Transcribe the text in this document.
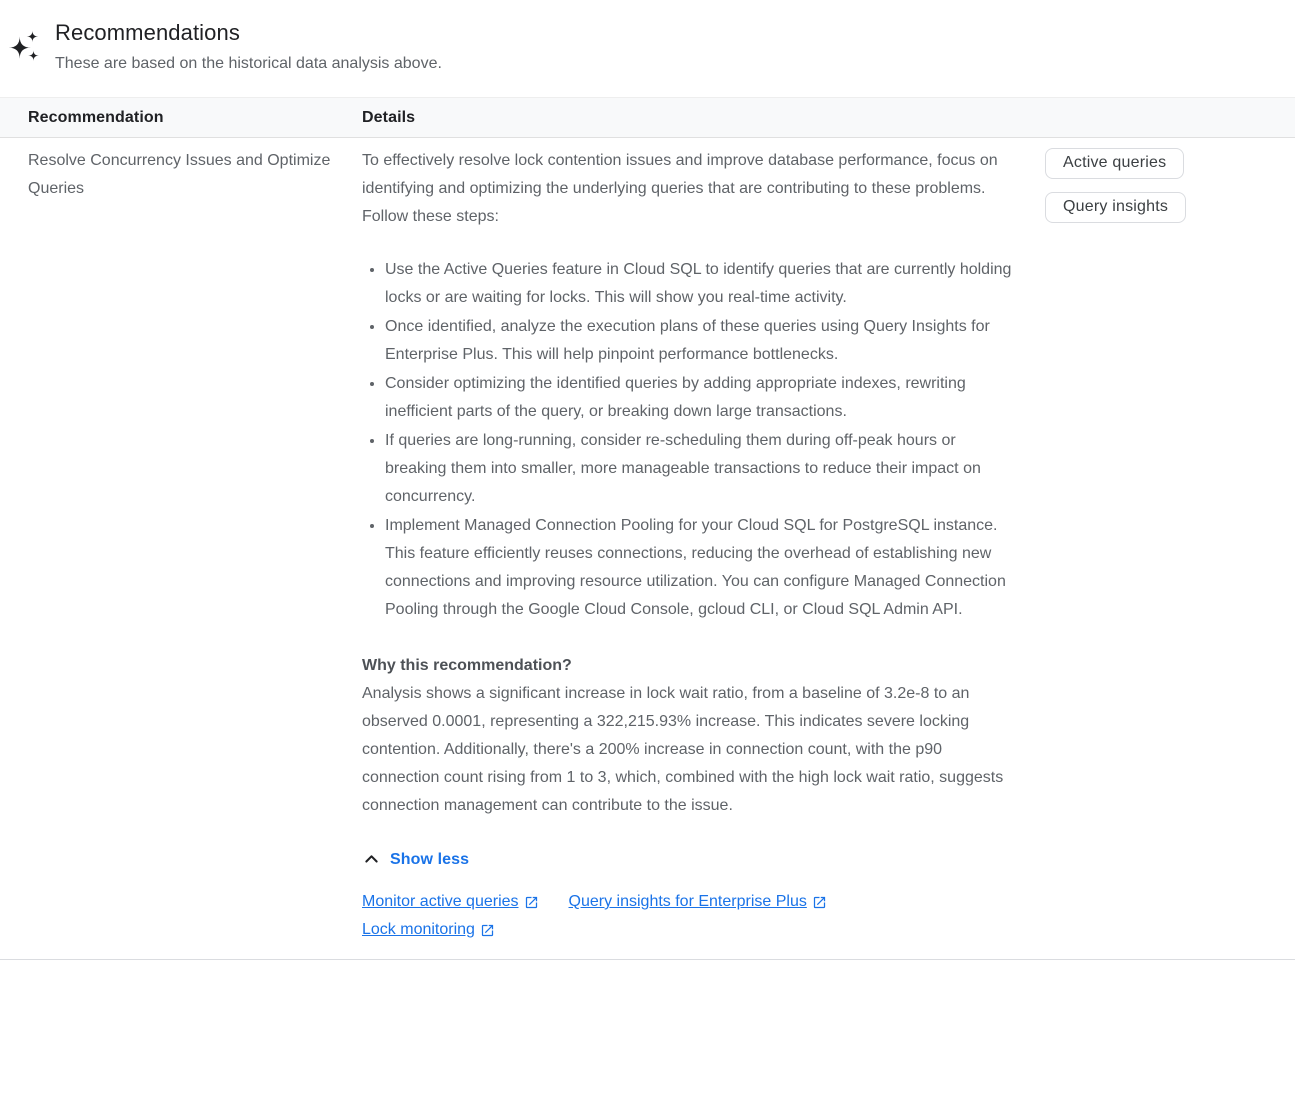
Recommendations
These are based on the historical data analysis above.
Recommendation	Details
Resolve Concurrency Issues and Optimize Queries

To effectively resolve lock contention issues and improve database performance, focus on identifying and optimizing the underlying queries that are contributing to these problems. Follow these steps:

• Use the Active Queries feature in Cloud SQL to identify queries that are currently holding locks or are waiting for locks. This will show you real-time activity.
• Once identified, analyze the execution plans of these queries using Query Insights for Enterprise Plus. This will help pinpoint performance bottlenecks.
• Consider optimizing the identified queries by adding appropriate indexes, rewriting inefficient parts of the query, or breaking down large transactions.
• If queries are long-running, consider re-scheduling them during off-peak hours or breaking them into smaller, more manageable transactions to reduce their impact on concurrency.
• Implement Managed Connection Pooling for your Cloud SQL for PostgreSQL instance. This feature efficiently reuses connections, reducing the overhead of establishing new connections and improving resource utilization. You can configure Managed Connection Pooling through the Google Cloud Console, gcloud CLI, or Cloud SQL Admin API.

Why this recommendation?

Analysis shows a significant increase in lock wait ratio, from a baseline of 3.2e-8 to an observed 0.0001, representing a 322,215.93% increase. This indicates severe locking contention. Additionally, there's a 200% increase in connection count, with the p90 connection count rising from 1 to 3, which, combined with the high lock wait ratio, suggests connection management can contribute to the issue.

Show less
Monitor active queries	Query insights for Enterprise Plus
Lock monitoring
Active queries
Query insights
